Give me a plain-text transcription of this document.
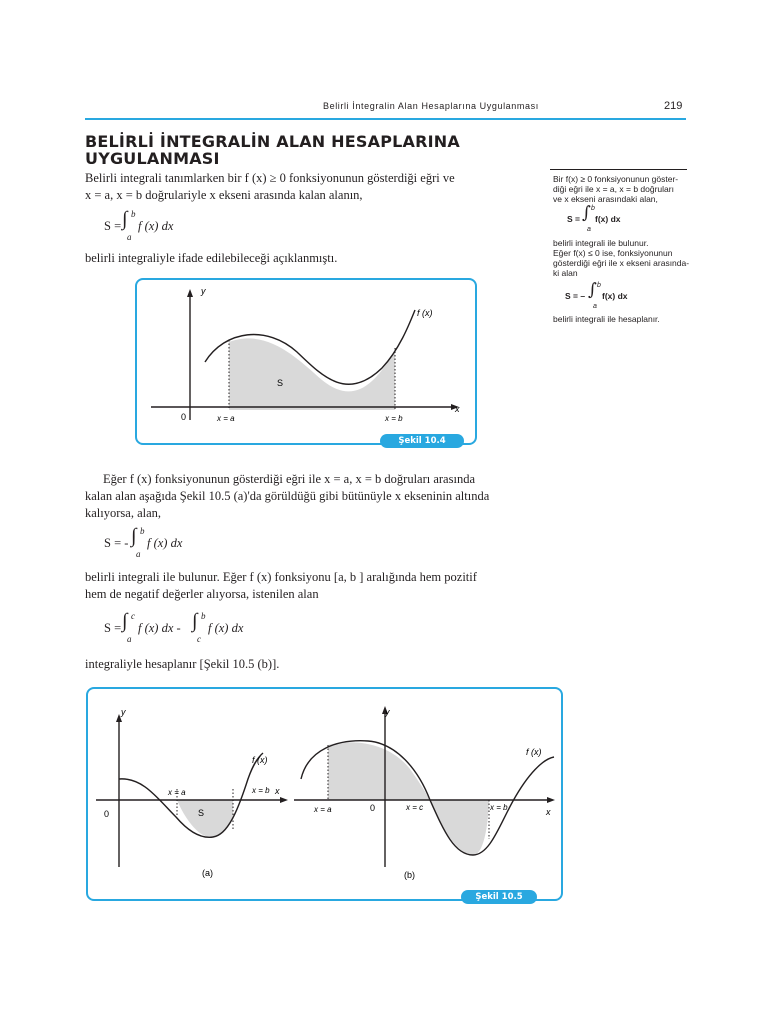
Belirli İntegralin Alan Hesaplarına Uygulanması	219
BELİRLİ İNTEGRALİN ALAN HESAPLARINA
UYGULANMASI
Belirli integrali tanımlarken bir f (x) ≥ 0 fonksiyonunun gösterdiği eğri ve
x = a, x = b doğrulariyle x ekseni arasında kalan alanın,
S = ∫ b
a
f (x) dx
belirli integraliyle ifade edilebileceği açıklanmıştı.
Bir f(x) ≥ 0 fonksiyonunun göster-
diği eğri ile x = a, x = b doğruları
ve x ekseni arasındaki alan,
S = ∫ b
a
f(x) dx
belirli integrali ile bulunur.
Eğer f(x) ≤ 0 ise, fonksiyonunun
gösterdiği eğri ile x ekseni arasında-
ki alan
S = – ∫ b
a
f(x) dx
belirli integrali ile hesaplanır.
y
x
0
f (x)
S
x = a	x = b
Şekil 10.4
Eğer f (x) fonksiyonunun gösterdiği eğri ile x = a, x = b doğruları arasında
kalan alan aşağıda Şekil 10.5 (a)'da görüldüğü gibi bütünüyle x ekseninin altında
kalıyorsa, alan,
S = - ∫ b
a
f (x) dx
belirli integrali ile bulunur. Eğer f (x) fonksiyonu [a, b ] aralığında hem pozitif
hem de negatif değerler alıyorsa, istenilen alan
S = ∫ c
a
f (x) dx - ∫ b
c
f (x) dx
integraliyle hesaplanır [Şekil 10.5 (b)].
y
x
0
f (x)
x = a	x = b
S
(a)
y
x
0
f (x)
x = a	x = c	x = b
(b)
Şekil 10.5
